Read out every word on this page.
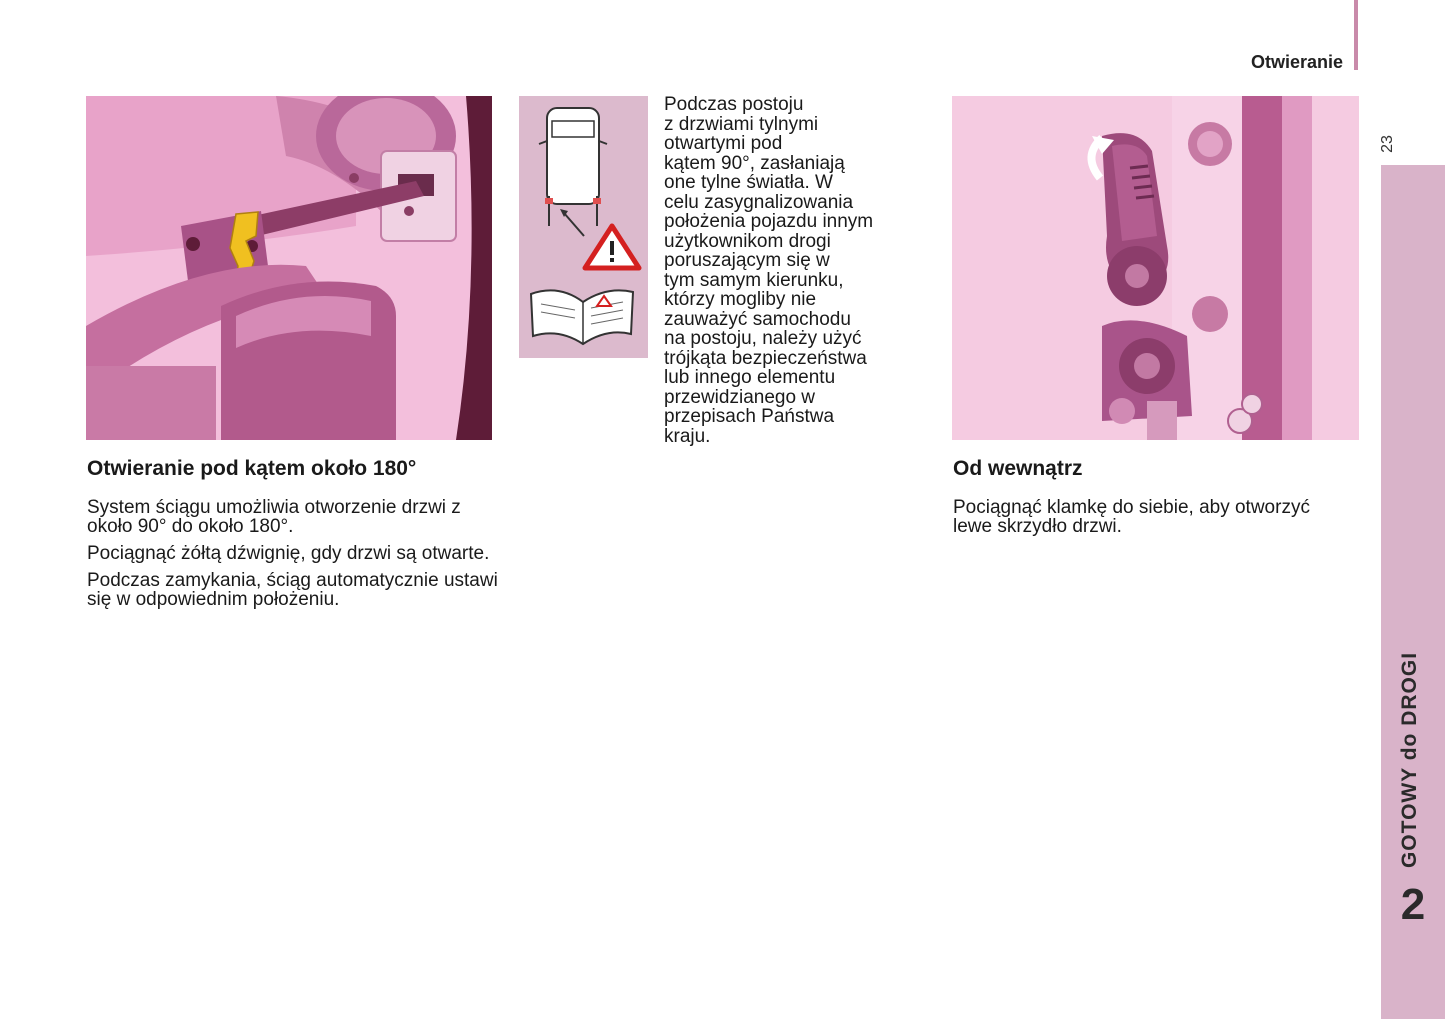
Otwieranie
23
GOTOWY do DROGI
2
Podczas postoju
z drzwiami tylnymi
otwartymi pod
kątem 90°, zasłaniają
one tylne światła. W
celu zasygnalizowania
położenia pojazdu innym
użytkownikom drogi
poruszającym się w
tym samym kierunku,
którzy mogliby nie
zauważyć samochodu
na postoju, należy użyć
trójkąta bezpieczeństwa
lub innego elementu
przewidzianego w
przepisach Państwa
kraju.
Otwieranie pod kątem około 180°

System ściągu umożliwia otworzenie drzwi z około 90° do około 180°.

Pociągnąć żółtą dźwignię, gdy drzwi są otwarte.

Podczas zamykania, ściąg automatycznie ustawi się w odpowiednim położeniu.

Od wewnątrz

Pociągnąć klamkę do siebie, aby otworzyć lewe skrzydło drzwi.
